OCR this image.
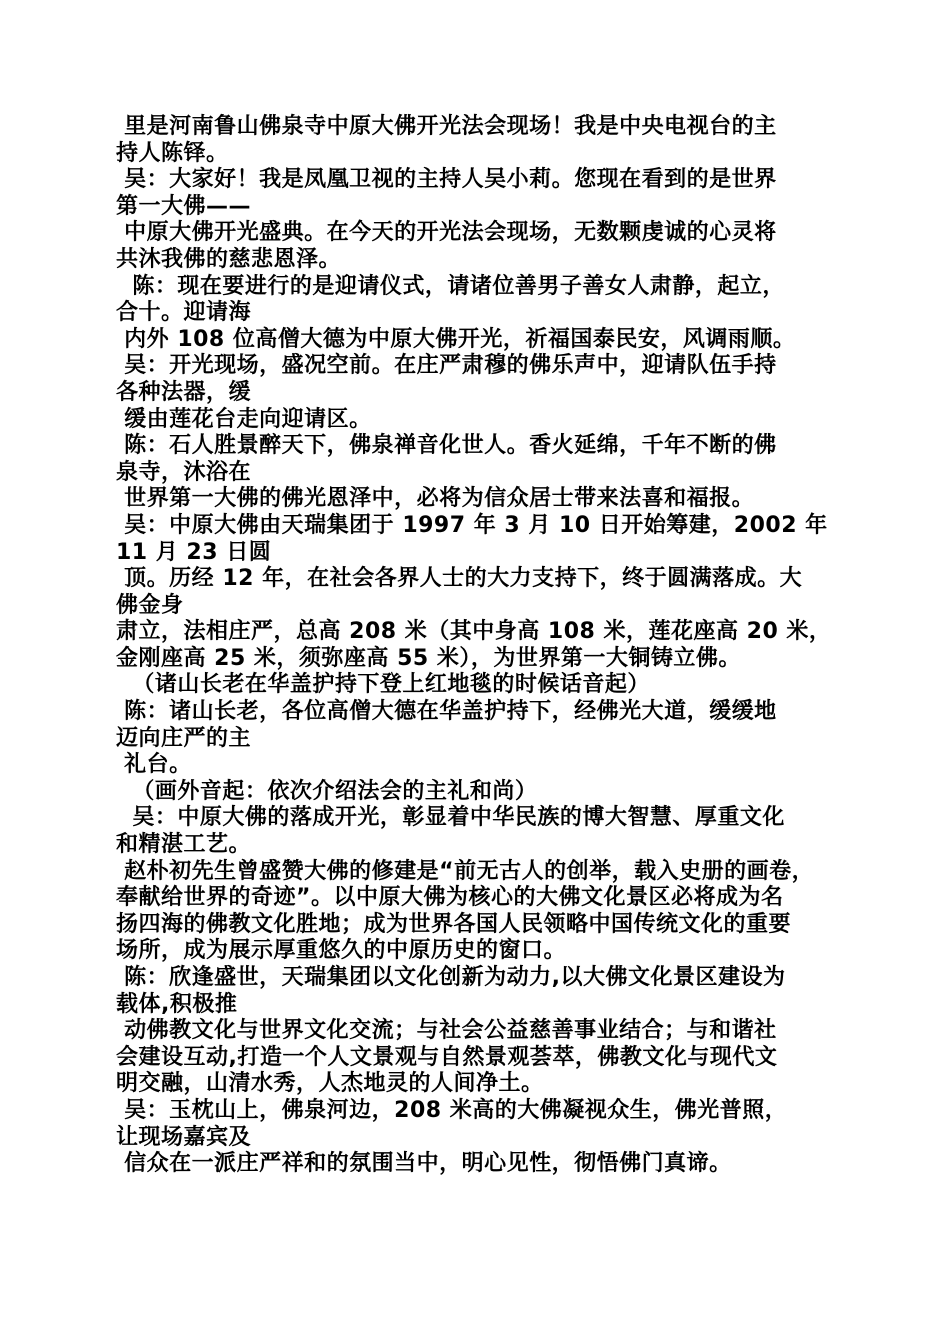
里是河南鲁山佛泉寺中原大佛开光法会现场！我是中央电视台的主

持人陈铎。

吴：大家好！我是凤凰卫视的主持人吴小莉。您现在看到的是世界

第一大佛——

中原大佛开光盛典。在今天的开光法会现场，无数颗虔诚的心灵将

共沐我佛的慈悲恩泽。

陈：现在要进行的是迎请仪式，请诸位善男子善女人肃静，起立，

合十。迎请海

内外 108 位高僧大德为中原大佛开光，祈福国泰民安，风调雨顺。

吴：开光现场，盛况空前。在庄严肃穆的佛乐声中，迎请队伍手持

各种法器，缓

缓由莲花台走向迎请区。

陈：石人胜景醉天下，佛泉禅音化世人。香火延绵，千年不断的佛

泉寺，沐浴在

世界第一大佛的佛光恩泽中，必将为信众居士带来法喜和福报。

吴：中原大佛由天瑞集团于 1997 年 3 月 10 日开始筹建，2002 年

11 月 23 日圆

顶。历经 12 年，在社会各界人士的大力支持下，终于圆满落成。大

佛金身

肃立，法相庄严，总高 208 米（其中身高 108 米，莲花座高 20 米，

金刚座高 25 米，须弥座高 55 米），为世界第一大铜铸立佛。

（诸山长老在华盖护持下登上红地毯的时候话音起）

陈：诸山长老，各位高僧大德在华盖护持下，经佛光大道，缓缓地

迈向庄严的主

礼台。

（画外音起：依次介绍法会的主礼和尚）

吴：中原大佛的落成开光，彰显着中华民族的博大智慧、厚重文化

和精湛工艺。

赵朴初先生曾盛赞大佛的修建是“前无古人的创举，载入史册的画卷，

奉献给世界的奇迹”。以中原大佛为核心的大佛文化景区必将成为名

扬四海的佛教文化胜地；成为世界各国人民领略中国传统文化的重要

场所，成为展示厚重悠久的中原历史的窗口。

陈：欣逢盛世，天瑞集团以文化创新为动力,以大佛文化景区建设为

载体,积极推

动佛教文化与世界文化交流；与社会公益慈善事业结合；与和谐社

会建设互动,打造一个人文景观与自然景观荟萃，佛教文化与现代文

明交融，山清水秀，人杰地灵的人间净土。

吴：玉枕山上，佛泉河边，208 米高的大佛凝视众生，佛光普照，

让现场嘉宾及

信众在一派庄严祥和的氛围当中，明心见性，彻悟佛门真谛。
